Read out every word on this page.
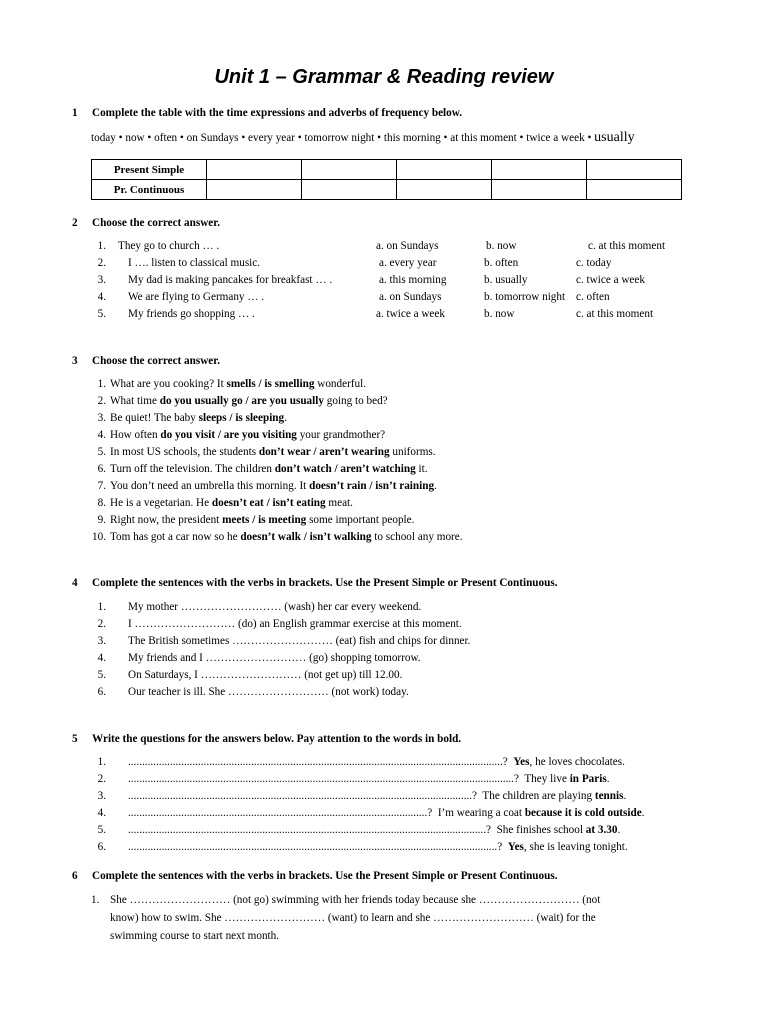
Unit 1 – Grammar & Reading review
1 Complete the table with the time expressions and adverbs of frequency below.
today • now • often • on Sundays • every year • tomorrow night • this morning • at this moment • twice a week • usually
Present Simple					
Pr. Continuous					
2 Choose the correct answer.
1. They go to church … .	a. on Sundays	b. now	c. at this moment
2. I …. listen to classical music.	a. every year	b. often	c. today
3. My dad is making pancakes for breakfast … .	a. this morning	b. usually	c. twice a week
4. We are flying to Germany … .	a. on Sundays	b. tomorrow night c. often
5. My friends go shopping … .	a. twice a week	b. now	c. at this moment
3 Choose the correct answer.
1. What are you cooking? It smells / is smelling wonderful.
2. What time do you usually go / are you usually going to bed?
3. Be quiet! The baby sleeps / is sleeping.
4. How often do you visit / are you visiting your grandmother?
5. In most US schools, the students don’t wear / aren’t wearing uniforms.
6. Turn off the television. The children don’t watch / aren’t watching it.
7. You don’t need an umbrella this morning. It doesn’t rain / isn’t raining.
8. He is a vegetarian. He doesn’t eat / isn’t eating meat.
9. Right now, the president meets / is meeting some important people.
10. Tom has got a car now so he doesn’t walk / isn’t walking to school any more.
4 Complete the sentences with the verbs in brackets. Use the Present Simple or Present Continuous.
1. My mother ……………………… (wash) her car every weekend.
2. I ……………………… (do) an English grammar exercise at this moment.
3. The British sometimes ……………………… (eat) fish and chips for dinner.
4. My friends and I ……………………… (go) shopping tomorrow.
5. On Saturdays, I ……………………… (not get up) till 12.00.
6. Our teacher is ill. She ……………………… (not work) today.
5 Write the questions for the answers below. Pay attention to the words in bold.
1. ......................................................................................................................................? Yes, he loves chocolates.
2. ..........................................................................................................................................? They live in Paris.
3. ...........................................................................................................................? The children are playing tennis.
4. ...........................................................................................................? I’m wearing a coat because it is cold outside.
5. ................................................................................................................................? She finishes school at 3.30.
6. ....................................................................................................................................? Yes, she is leaving tonight.
6 Complete the sentences with the verbs in brackets. Use the Present Simple or Present Continuous.
1. She ……………………… (not go) swimming with her friends today because she ……………………… (not
know) how to swim. She ……………………… (want) to learn and she ……………………… (wait) for the
swimming course to start next month.
